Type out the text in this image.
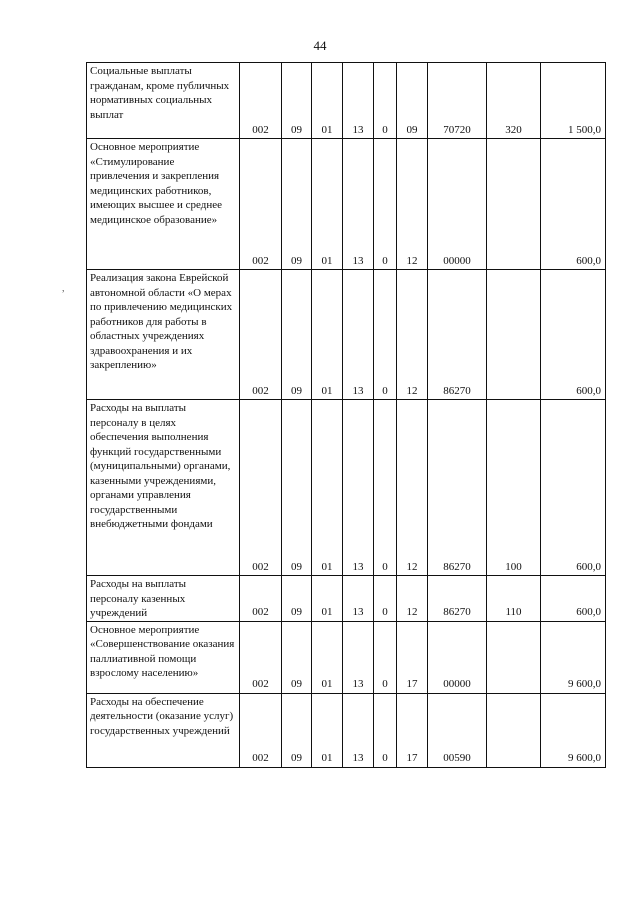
44
,
Социальные выплаты гражданам, кроме публичных нормативных социальных выплат	002	09	01	13	0	09	70720	320	1 500,0

Основное мероприятие «Стимулирование привлечения и закрепления медицинских работников, имеющих высшее и среднее медицинское образование»	002	09	01	13	0	12	00000		600,0

Реализация закона Еврейской автономной области «О мерах по привлечению медицинских работников для работы в областных учреждениях здравоохранения и их закреплению»	002	09	01	13	0	12	86270		600,0

Расходы на выплаты персоналу в целях обеспечения выполнения функций государственными (муниципальными) органами, казенными учреждениями, органами управления государственными внебюджетными фондами	002	09	01	13	0	12	86270	100	600,0

Расходы на выплаты персоналу казенных учреждений	002	09	01	13	0	12	86270	110	600,0

Основное мероприятие «Совершенствование оказания паллиативной помощи взрослому населению»	002	09	01	13	0	17	00000		9 600,0

Расходы на обеспечение деятельности (оказание услуг) государственных учреждений	002	09	01	13	0	17	00590		9 600,0
